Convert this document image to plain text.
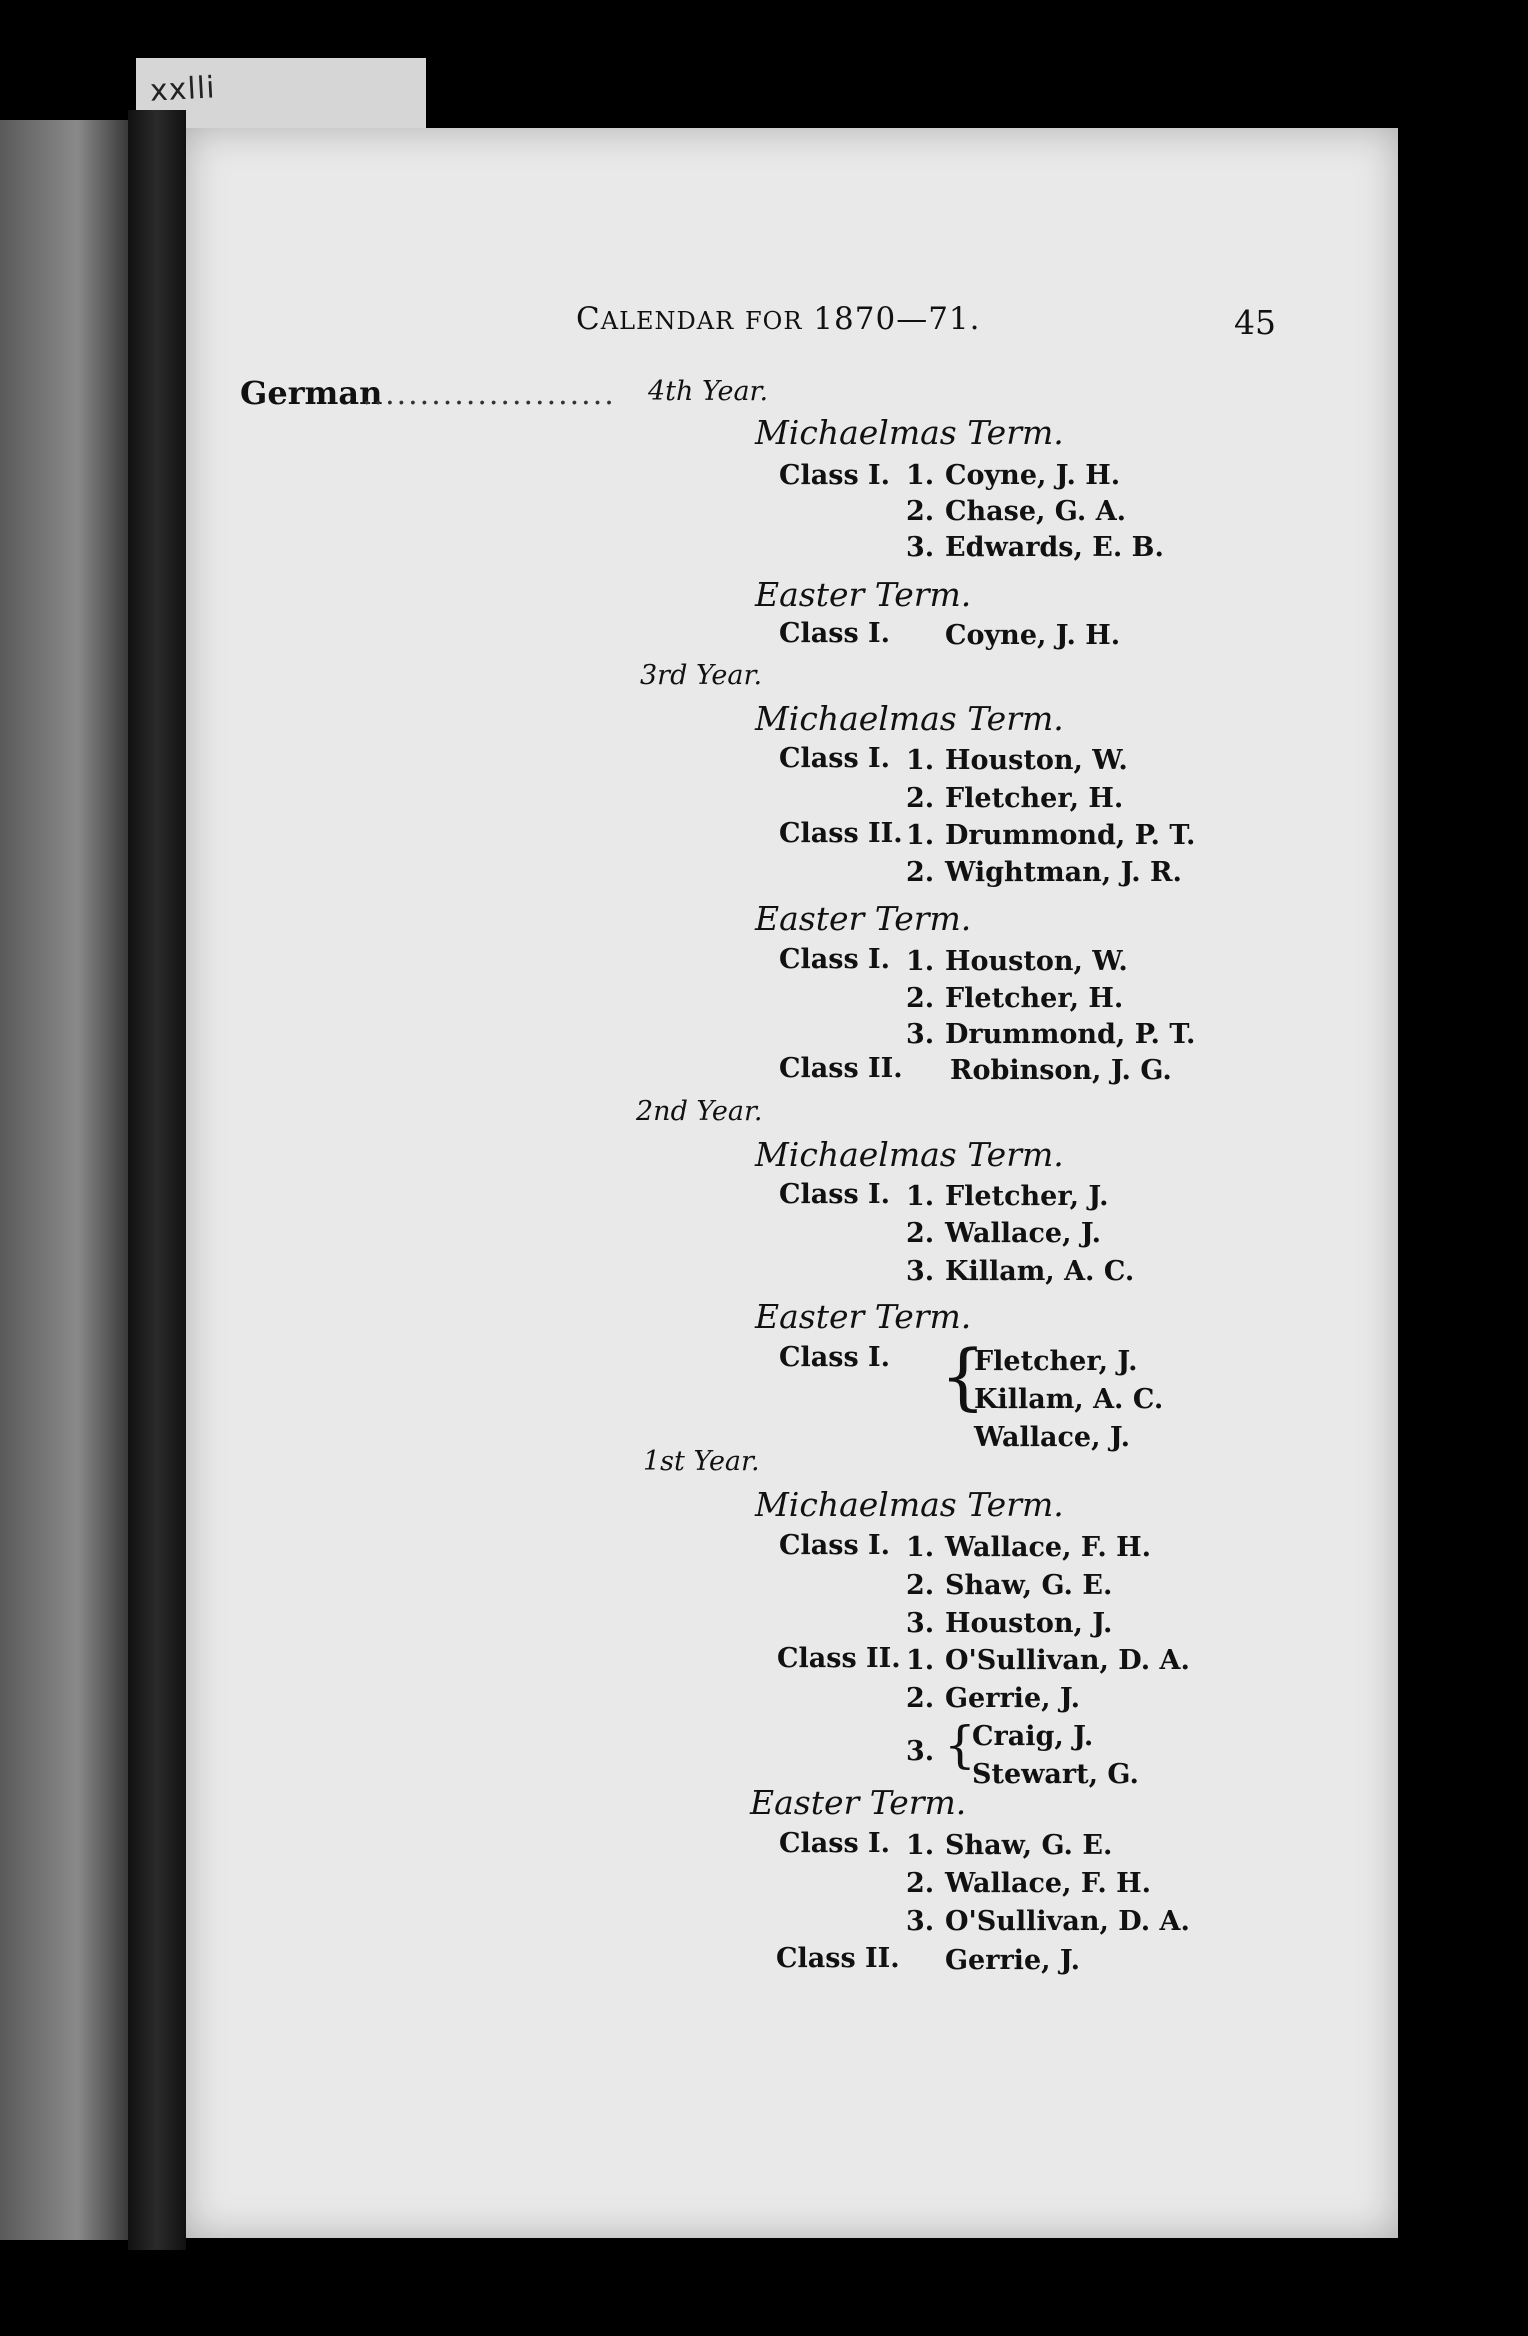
xxlli
CALENDAR FOR 1870—71.	45
German
...................... 4th Year.
Michaelmas Term.
Class I. 1. Coyne, J. H.
2. Chase, G. A.
3. Edwards, E. B.
Easter Term.
Class I. Coyne, J. H.
3rd Year.
Michaelmas Term.
Class I. 1. Houston, W.
2. Fletcher, H.
Class II. 1. Drummond, P. T.
2. Wightman, J. R.
Easter Term.
Class I. 1. Houston, W.
2. Fletcher, H.
3. Drummond, P. T.
Class II. Robinson, J. G.
2nd Year.
Michaelmas Term.
Class I. 1. Fletcher, J.
2. Wallace, J.
3. Killam, A. C.
Easter Term.
Class I. {
Fletcher, J.
Killam, A. C.
Wallace, J.
1st Year.
Michaelmas Term.
Class I. 1. Wallace, F. H.
2. Shaw, G. E.
3. Houston, J.
Class II. 1. O'Sullivan, D. A.
2. Gerrie, J.
3. {
Craig, J.
Stewart, G.
Easter Term.
Class I. 1. Shaw, G. E.
2. Wallace, F. H.
3. O'Sullivan, D. A.
Class II. Gerrie, J.
